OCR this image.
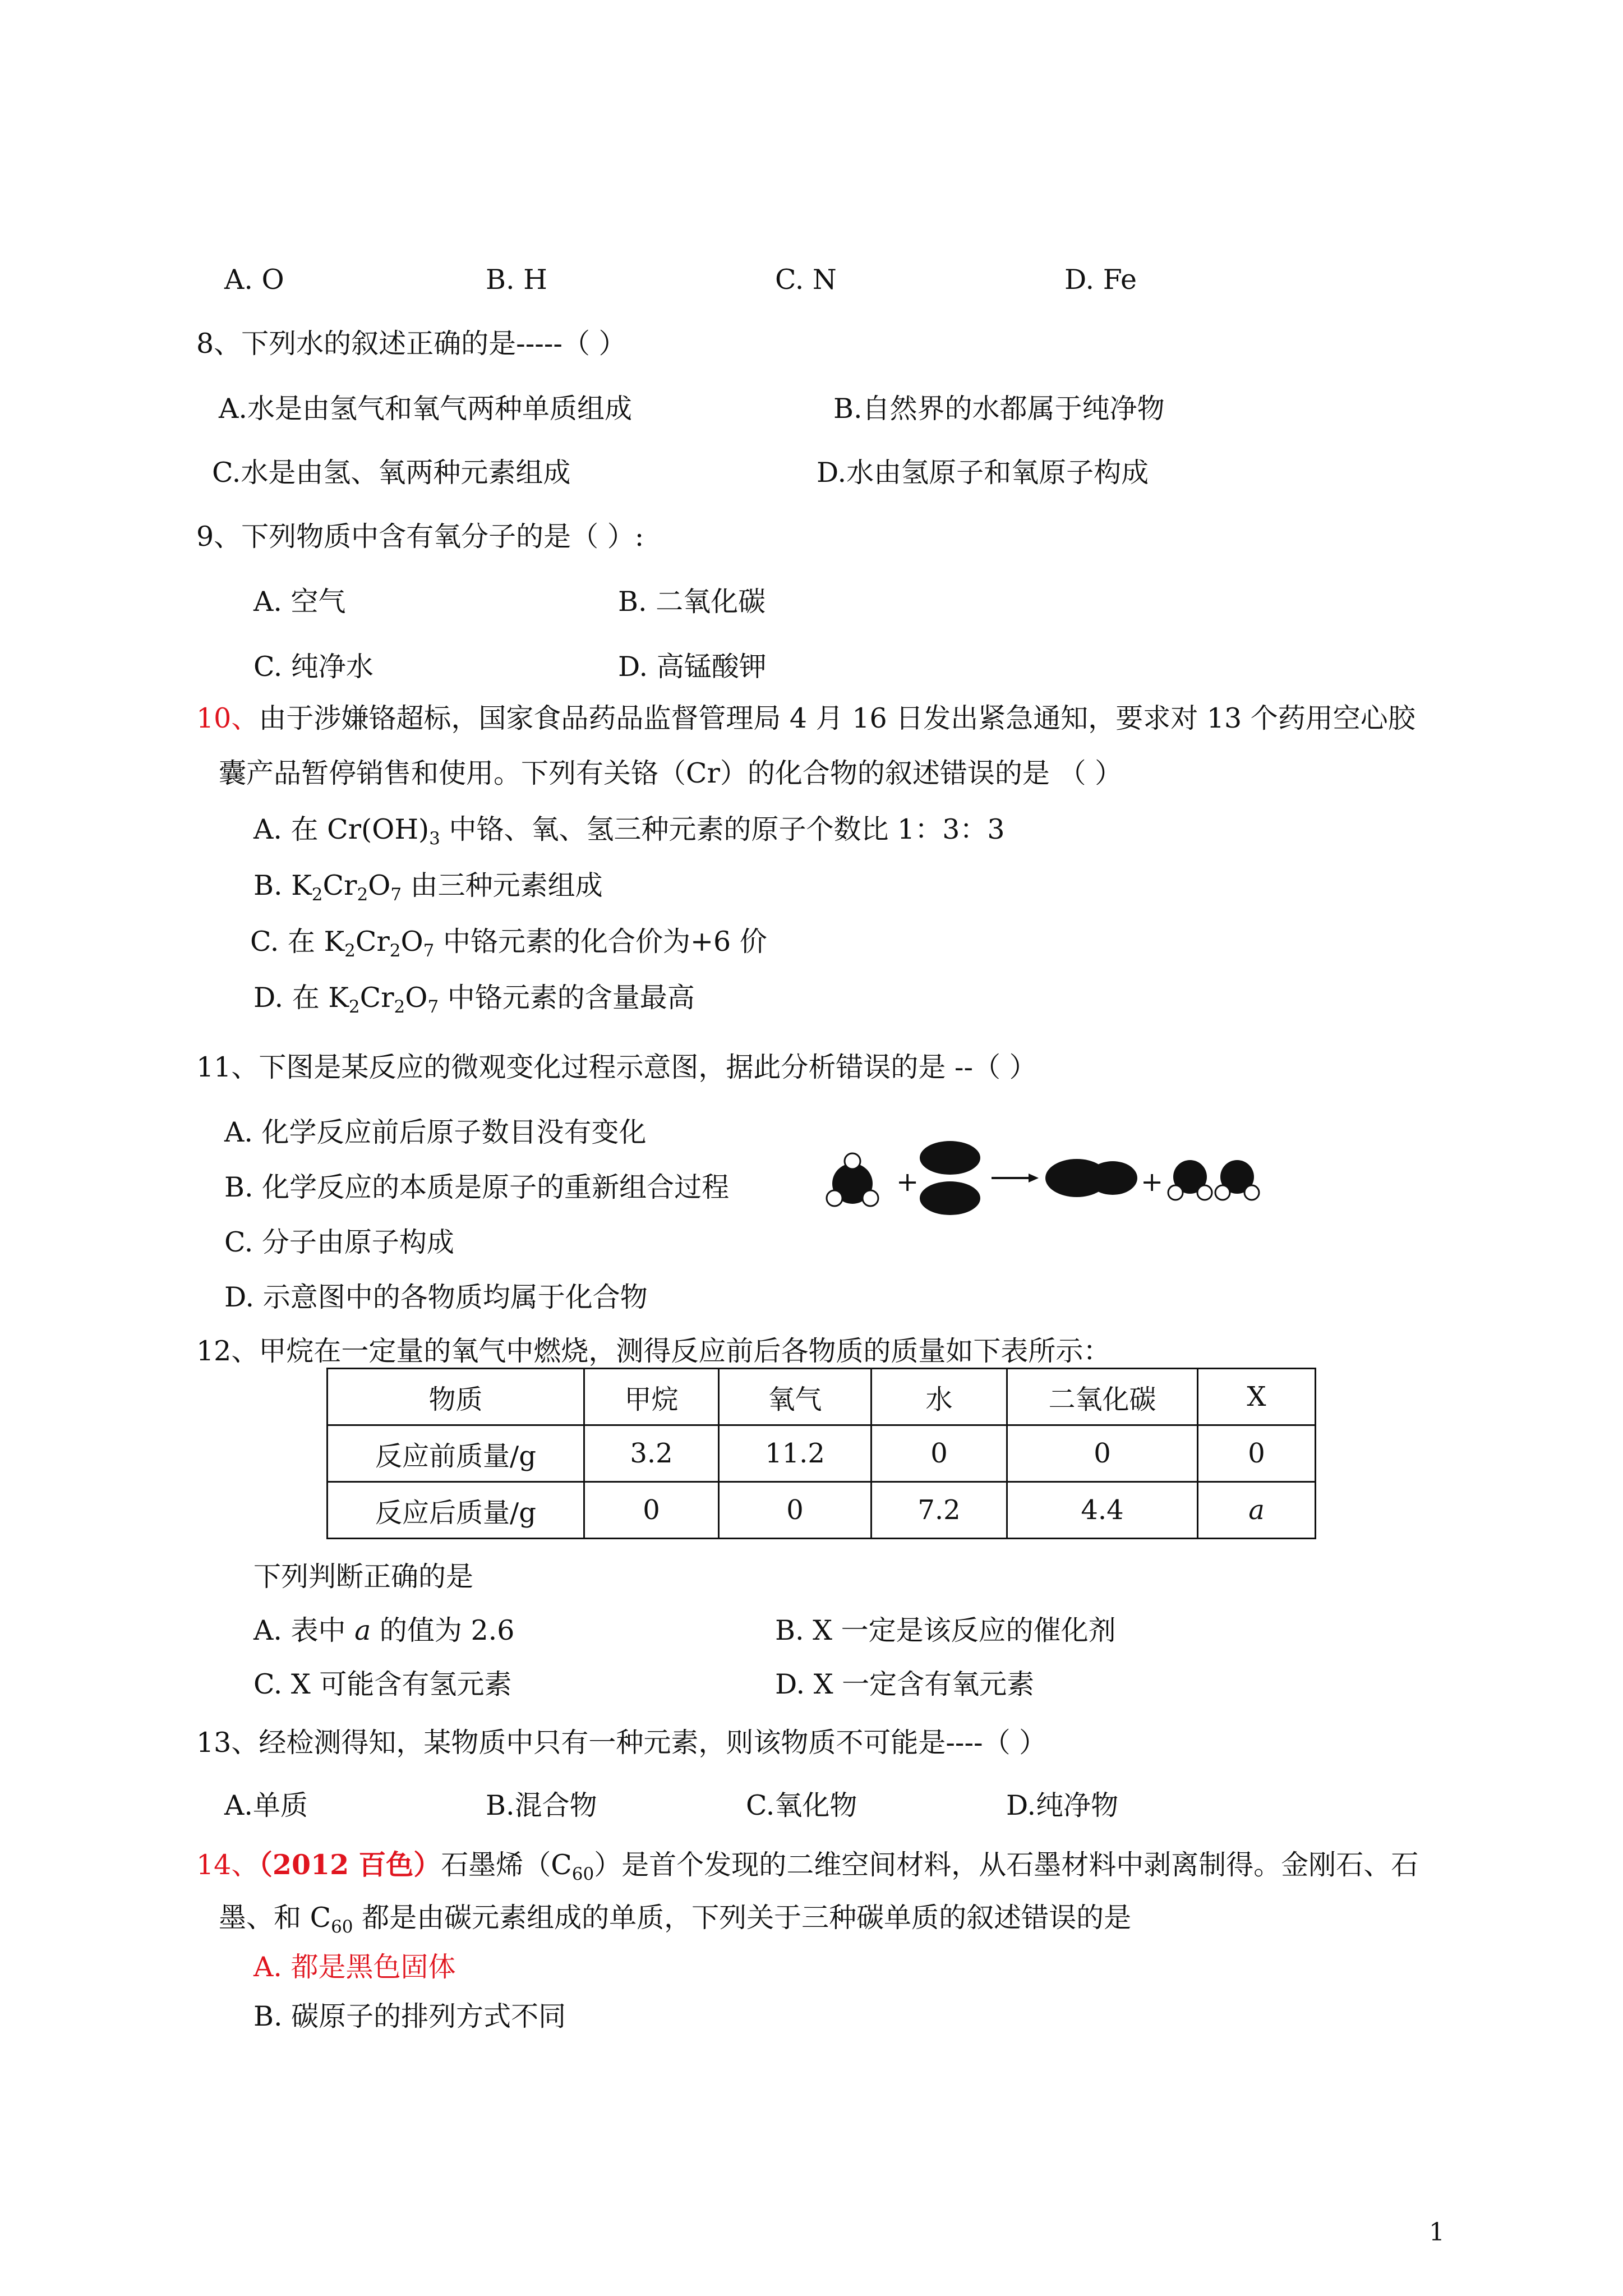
A. O	B. H	C. N	D. Fe
8、下列水的叙述正确的是-----（ ）
A.水是由氢气和氧气两种单质组成	B.自然界的水都属于纯净物
C.水是由氢、氧两种元素组成	D.水由氢原子和氧原子构成
9、下列物质中含有氧分子的是（ ）:
A. 空气	B. 二氧化碳
C. 纯净水	D. 高锰酸钾
10、由于涉嫌铬超标，国家食品药品监督管理局 4 月 16 日发出紧急通知，要求对 13 个药用空心胶
囊产品暂停销售和使用。下列有关铬（Cr）的化合物的叙述错误的是 （ ）
A. 在 $Cr(OH)_3$ 中铬、氧、氢三种元素的原子个数比 1：3：3
B. $K_2Cr_2O_7$ 由三种元素组成
C. 在 $K_2Cr_2O_7$ 中铬元素的化合价为+6 价
D. 在 $K_2Cr_2O_7$ 中铬元素的含量最高
11、下图是某反应的微观变化过程示意图，据此分析错误的是 --（ ）
A. 化学反应前后原子数目没有变化
B. 化学反应的本质是原子的重新组合过程
C. 分子由原子构成
D. 示意图中的各物质均属于化合物
+	+
12、甲烷在一定量的氧气中燃烧，测得反应前后各物质的质量如下表所示：
物质	甲烷	氧气	水	二氧化碳	X
反应前质量/g	3.2	11.2	0	0	0
反应后质量/g	0	0	7.2	4.4	a
下列判断正确的是
A. 表中 a 的值为 2.6	B. X 一定是该反应的催化剂
C. X 可能含有氢元素	D. X 一定含有氧元素
13、经检测得知，某物质中只有一种元素，则该物质不可能是----（ ）
A.单质	B.混合物	C.氧化物	D.纯净物
14、（2012 百色）石墨烯$(C_{60})$是首个发现的二维空间材料，从石墨材料中剥离制得。金刚石、石
墨、和 $C_{60}$ 都是由碳元素组成的单质，下列关于三种碳单质的叙述错误的是
A. 都是黑色固体
B. 碳原子的排列方式不同
1
